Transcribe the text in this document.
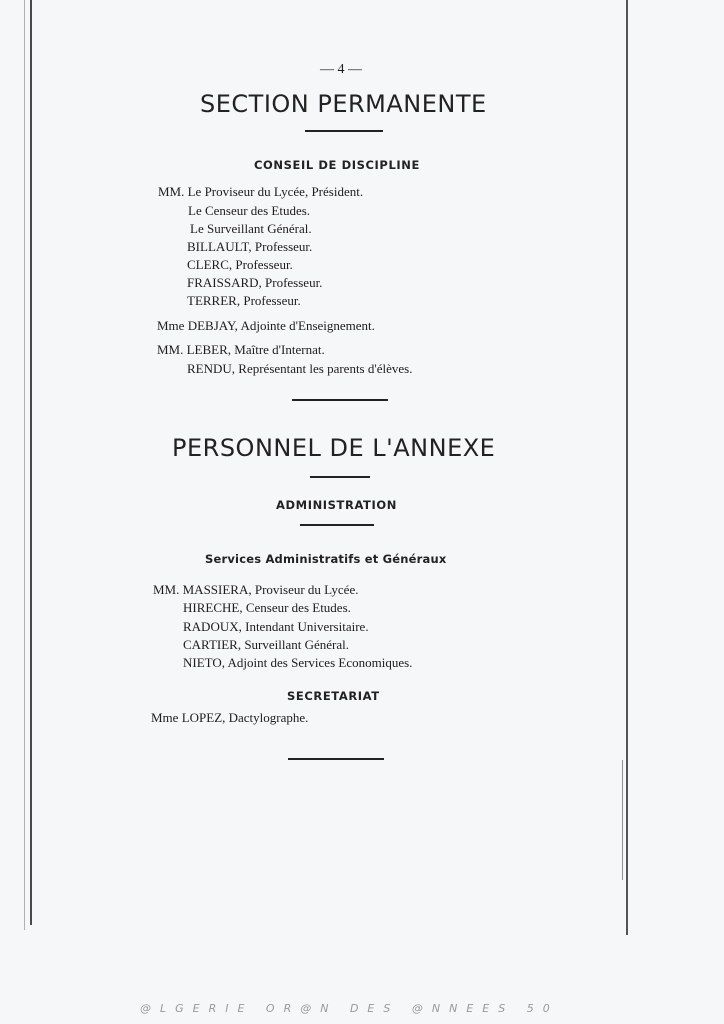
— 4 —
SECTION PERMANENTE
CONSEIL DE DISCIPLINE
MM. Le Proviseur du Lycée, Président.
Le Censeur des Etudes.
Le Surveillant Général.
BILLAULT, Professeur.
CLERC, Professeur.
FRAISSARD, Professeur.
TERRER, Professeur.
Mme DEBJAY, Adjointe d'Enseignement.
MM. LEBER, Maître d'Internat.
RENDU, Représentant les parents d'élèves.
PERSONNEL DE L'ANNEXE
ADMINISTRATION
Services Administratifs et Généraux
MM. MASSIERA, Proviseur du Lycée.
HIRECHE, Censeur des Etudes.
RADOUX, Intendant Universitaire.
CARTIER, Surveillant Général.
NIETO, Adjoint des Services Economiques.
SECRETARIAT
Mme LOPEZ, Dactylographe.
@LGERIE OR@N DES @NNEES 50
